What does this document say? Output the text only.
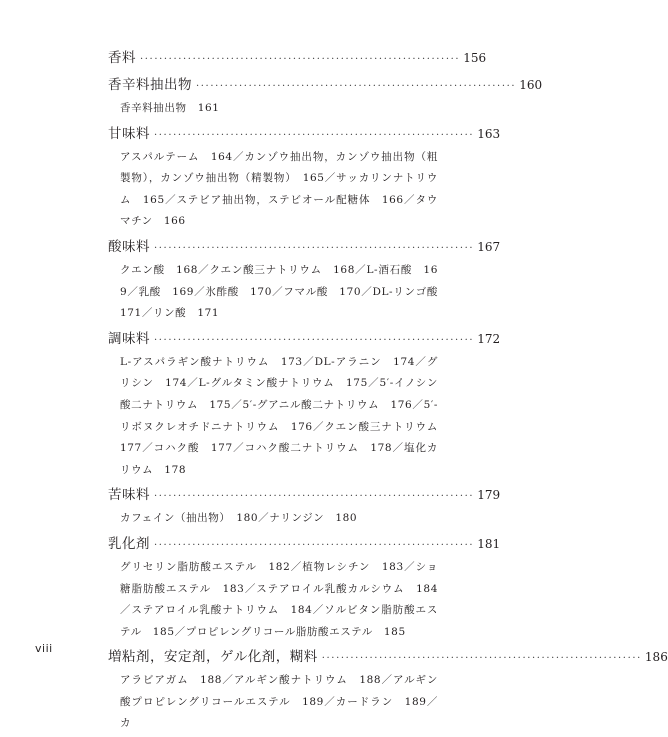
香料 ··································································· 156
香辛料抽出物 ··································································· 160
香辛料抽出物　161
甘味料 ··································································· 163
アスパルテーム　164／カンゾウ抽出物，カンゾウ抽出物（粗製物），カンゾウ抽出物（精製物）　165／サッカリンナトリウム　165／ステビア抽出物，ステビオール配糖体　166／タウマチン　166
酸味料 ··································································· 167
クエン酸　168／クエン酸三ナトリウム　168／L-酒石酸　169／乳酸　169／氷酢酸　170／フマル酸　170／DL-リンゴ酸　171／リン酸　171
調味料 ··································································· 172
L-アスパラギン酸ナトリウム　173／DL-アラニン　174／グリシン　174／L-グルタミン酸ナトリウム　175／5′-イノシン酸二ナトリウム　175／5′-グアニル酸二ナトリウム　176／5′-リボヌクレオチドニナトリウム　176／クエン酸三ナトリウム　177／コハク酸　177／コハク酸二ナトリウム　178／塩化カリウム　178
苦味料 ··································································· 179
カフェイン（抽出物）　180／ナリンジン　180
乳化剤 ··································································· 181
グリセリン脂肪酸エステル　182／植物レシチン　183／ショ糖脂肪酸エステル　183／ステアロイル乳酸カルシウム　184／ステアロイル乳酸ナトリウム　184／ソルビタン脂肪酸エステル　185／プロピレングリコール脂肪酸エステル　185
増粘剤，安定剤，ゲル化剤，糊料 ··································································· 186
アラビアガム　188／アルギン酸ナトリウム　188／アルギン酸プロピレングリコールエステル　189／カードラン　189／カ
viii
